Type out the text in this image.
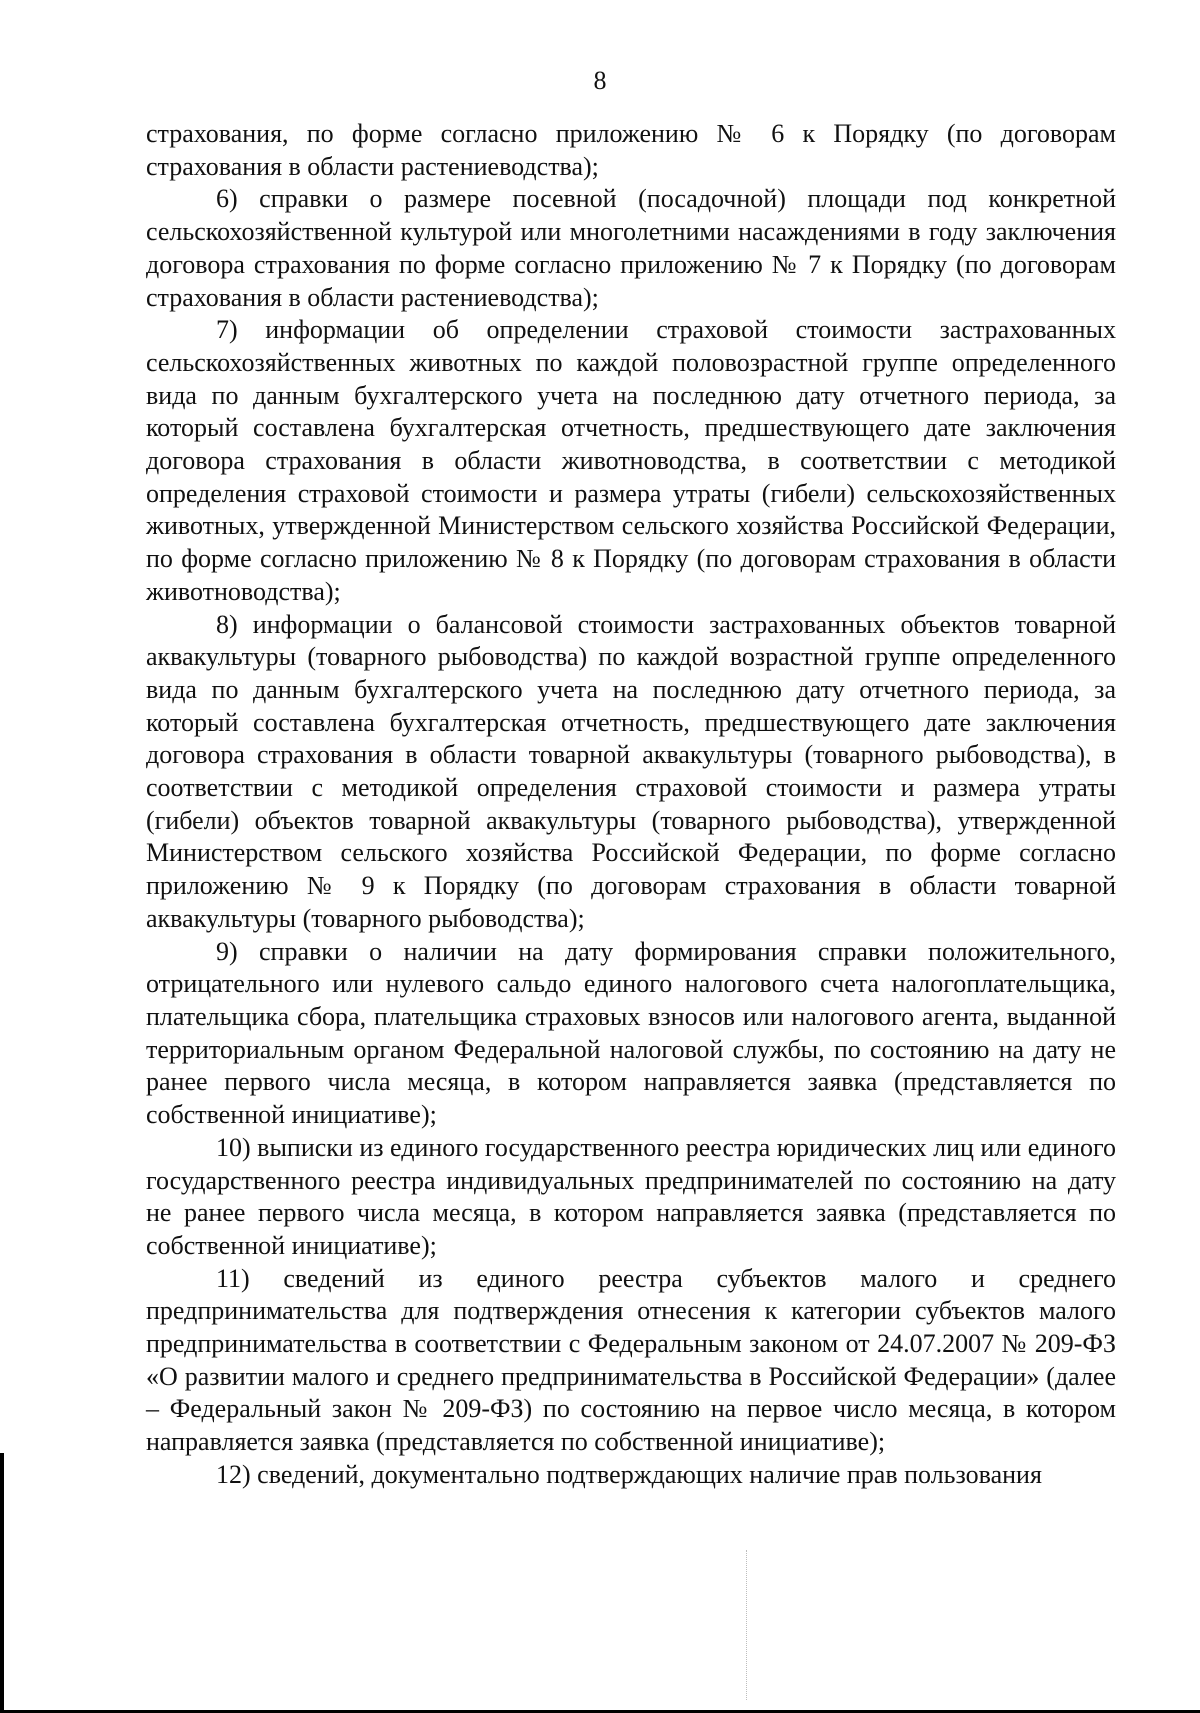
8

страхования, по форме согласно приложению № 6 к Порядку (по договорам страхования в области растениеводства);

6) справки о размере посевной (посадочной) площади под конкретной сельскохозяйственной культурой или многолетними насаждениями в году заключения договора страхования по форме согласно приложению № 7 к Порядку (по договорам страхования в области растениеводства);

7) информации об определении страховой стоимости застрахованных сельскохозяйственных животных по каждой половозрастной группе определенного вида по данным бухгалтерского учета на последнюю дату отчетного периода, за который составлена бухгалтерская отчетность, предшествующего дате заключения договора страхования в области животноводства, в соответствии с методикой определения страховой стоимости и размера утраты (гибели) сельскохозяйственных животных, утвержденной Министерством сельского хозяйства Российской Федерации, по форме согласно приложению № 8 к Порядку (по договорам страхования в области животноводства);

8) информации о балансовой стоимости застрахованных объектов товарной аквакультуры (товарного рыбоводства) по каждой возрастной группе определенного вида по данным бухгалтерского учета на последнюю дату отчетного периода, за который составлена бухгалтерская отчетность, предшествующего дате заключения договора страхования в области товарной аквакультуры (товарного рыбоводства), в соответствии с методикой определения страховой стоимости и размера утраты (гибели) объектов товарной аквакультуры (товарного рыбоводства), утвержденной Министерством сельского хозяйства Российской Федерации, по форме согласно приложению № 9 к Порядку (по договорам страхования в области товарной аквакультуры (товарного рыбоводства);

9) справки о наличии на дату формирования справки положительного, отрицательного или нулевого сальдо единого налогового счета налогоплательщика, плательщика сбора, плательщика страховых взносов или налогового агента, выданной территориальным органом Федеральной налоговой службы, по состоянию на дату не ранее первого числа месяца, в котором направляется заявка (представляется по собственной инициативе);

10) выписки из единого государственного реестра юридических лиц или единого государственного реестра индивидуальных предпринимателей по состоянию на дату не ранее первого числа месяца, в котором направляется заявка (представляется по собственной инициативе);

11) сведений из единого реестра субъектов малого и среднего предпринимательства для подтверждения отнесения к категории субъектов малого предпринимательства в соответствии с Федеральным законом от 24.07.2007 № 209-ФЗ «О развитии малого и среднего предпринимательства в Российской Федерации» (далее – Федеральный закон № 209-ФЗ) по состоянию на первое число месяца, в котором направляется заявка (представляется по собственной инициативе);

12) сведений, документально подтверждающих наличие прав пользования
